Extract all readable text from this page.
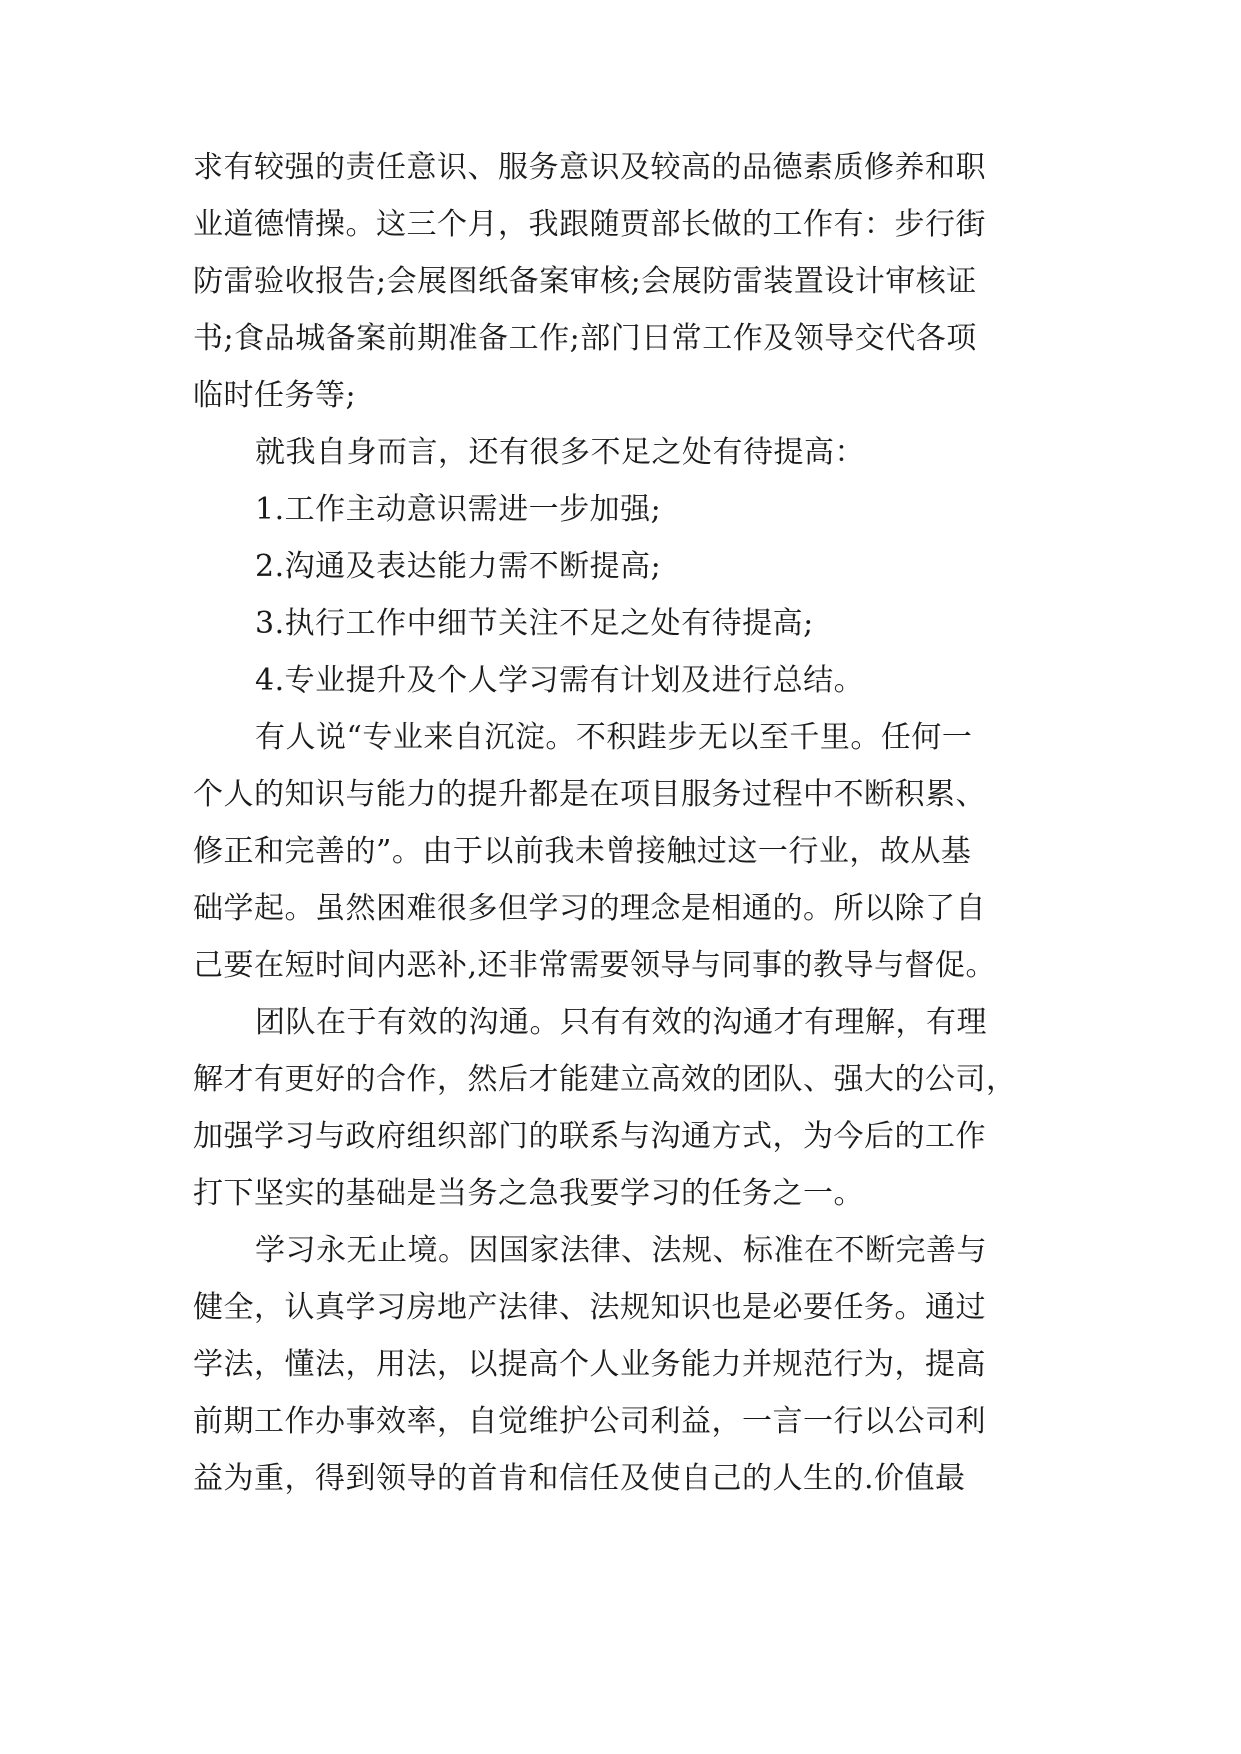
求有较强的责任意识、服务意识及较高的品德素质修养和职
业道德情操。这三个月，我跟随贾部长做的工作有：步行街
防雷验收报告;会展图纸备案审核;会展防雷装置设计审核证
书;食品城备案前期准备工作;部门日常工作及领导交代各项
临时任务等;
就我自身而言，还有很多不足之处有待提高：
1.工作主动意识需进一步加强;
2.沟通及表达能力需不断提高;
3.执行工作中细节关注不足之处有待提高;
4.专业提升及个人学习需有计划及进行总结。
有人说“专业来自沉淀。不积跬步无以至千里。任何一
个人的知识与能力的提升都是在项目服务过程中不断积累、
修正和完善的”。由于以前我未曾接触过这一行业，故从基
础学起。虽然困难很多但学习的理念是相通的。所以除了自
己要在短时间内恶补,还非常需要领导与同事的教导与督促。
团队在于有效的沟通。只有有效的沟通才有理解，有理
解才有更好的合作，然后才能建立高效的团队、强大的公司，
加强学习与政府组织部门的联系与沟通方式，为今后的工作
打下坚实的基础是当务之急我要学习的任务之一。
学习永无止境。因国家法律、法规、标准在不断完善与
健全，认真学习房地产法律、法规知识也是必要任务。通过
学法，懂法，用法，以提高个人业务能力并规范行为，提高
前期工作办事效率，自觉维护公司利益，一言一行以公司利
益为重，得到领导的首肯和信任及使自己的人生的.价值最
